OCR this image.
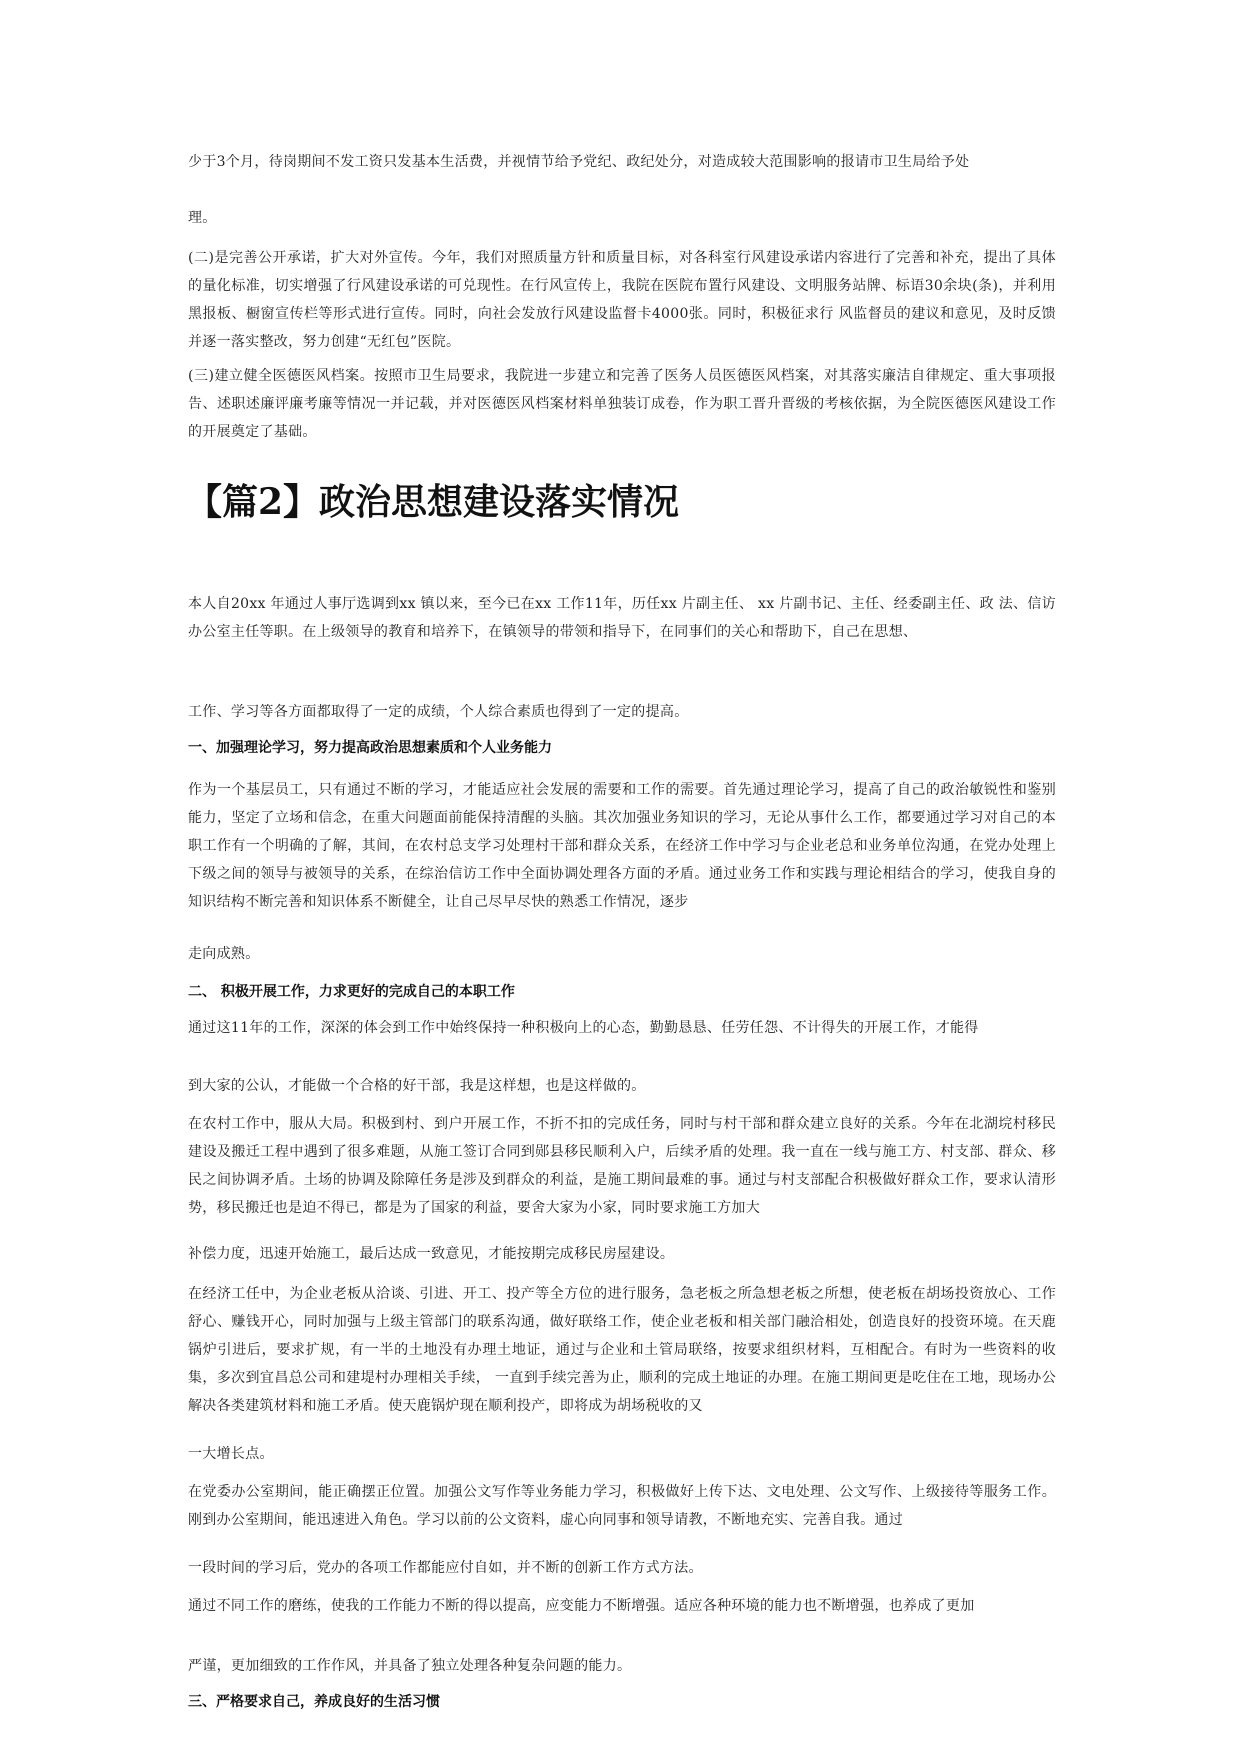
少于3个月，待岗期间不发工资只发基本生活费，并视情节给予党纪、政纪处分，对造成较大范围影响的报请市卫生局给予处

理。

(二)是完善公开承诺，扩大对外宣传。今年，我们对照质量方针和质量目标，对各科室行风建设承诺内容进行了完善和补充，提出了具体的量化标准，切实增强了行风建设承诺的可兑现性。在行风宣传上，我院在医院布置行风建设、文明服务站牌、标语30余块(条)，并利用黑报板、橱窗宣传栏等形式进行宣传。同时，向社会发放行风建设监督卡4000张。同时，积极征求行 风监督员的建议和意见，及时反馈并逐一落实整改，努力创建“无红包”医院。

(三)建立健全医德医风档案。按照市卫生局要求，我院进一步建立和完善了医务人员医德医风档案，对其落实廉洁自律规定、重大事项报告、述职述廉评廉考廉等情况一并记载，并对医德医风档案材料单独装订成卷，作为职工晋升晋级的考核依据，为全院医德医风建设工作的开展奠定了基础。

【篇2】政治思想建设落实情况

本人自20xx 年通过人事厅选调到xx 镇以来，至今已在xx 工作11年，历任xx 片副主任、 xx 片副书记、主任、经委副主任、政 法、信访办公室主任等职。在上级领导的教育和培养下，在镇领导的带领和指导下，在同事们的关心和帮助下，自己在思想、

工作、学习等各方面都取得了一定的成绩，个人综合素质也得到了一定的提高。

一、加强理论学习，努力提高政治思想素质和个人业务能力

作为一个基层员工，只有通过不断的学习，才能适应社会发展的需要和工作的需要。首先通过理论学习，提高了自己的政治敏锐性和鉴别能力，坚定了立场和信念，在重大问题面前能保持清醒的头脑。其次加强业务知识的学习，无论从事什么工作，都要通过学习对自己的本职工作有一个明确的了解，其间，在农村总支学习处理村干部和群众关系，在经济工作中学习与企业老总和业务单位沟通，在党办处理上下级之间的领导与被领导的关系，在综治信访工作中全面协调处理各方面的矛盾。通过业务工作和实践与理论相结合的学习，使我自身的知识结构不断完善和知识体系不断健全，让自己尽早尽快的熟悉工作情况，逐步

走向成熟。

二、 积极开展工作，力求更好的完成自己的本职工作

通过这11年的工作，深深的体会到工作中始终保持一种积极向上的心态，勤勤恳恳、任劳任怨、不计得失的开展工作，才能得

到大家的公认，才能做一个合格的好干部，我是这样想，也是这样做的。

在农村工作中，服从大局。积极到村、到户开展工作，不折不扣的完成任务，同时与村干部和群众建立良好的关系。今年在北湖垸村移民建设及搬迁工程中遇到了很多难题，从施工签订合同到郧县移民顺利入户，后续矛盾的处理。我一直在一线与施工方、村支部、群众、移民之间协调矛盾。土场的协调及除障任务是涉及到群众的利益，是施工期间最难的事。通过与村支部配合积极做好群众工作，要求认清形势，移民搬迁也是迫不得已，都是为了国家的利益，要舍大家为小家，同时要求施工方加大

补偿力度，迅速开始施工，最后达成一致意见，才能按期完成移民房屋建设。

在经济工任中，为企业老板从洽谈、引进、开工、投产等全方位的进行服务，急老板之所急想老板之所想，使老板在胡场投资放心、工作舒心、赚钱开心，同时加强与上级主管部门的联系沟通，做好联络工作，使企业老板和相关部门融洽相处，创造良好的投资环境。在天鹿锅炉引进后，要求扩规，有一半的土地没有办理土地证，通过与企业和土管局联络，按要求组织材料，互相配合。有时为一些资料的收集，多次到宜昌总公司和建堤村办理相关手续， 一直到手续完善为止，顺利的完成土地证的办理。在施工期间更是吃住在工地，现场办公解决各类建筑材料和施工矛盾。使天鹿锅炉现在顺利投产，即将成为胡场税收的又

一大增长点。

在党委办公室期间，能正确摆正位置。加强公文写作等业务能力学习，积极做好上传下达、文电处理、公文写作、上级接待等服务工作。刚到办公室期间，能迅速进入角色。学习以前的公文资料，虚心向同事和领导请教，不断地充实、完善自我。通过

一段时间的学习后，党办的各项工作都能应付自如，并不断的创新工作方式方法。

通过不同工作的磨练，使我的工作能力不断的得以提高，应变能力不断增强。适应各种环境的能力也不断增强，也养成了更加

严谨，更加细致的工作作风，并具备了独立处理各种复杂问题的能力。

三、严格要求自己，养成良好的生活习惯
